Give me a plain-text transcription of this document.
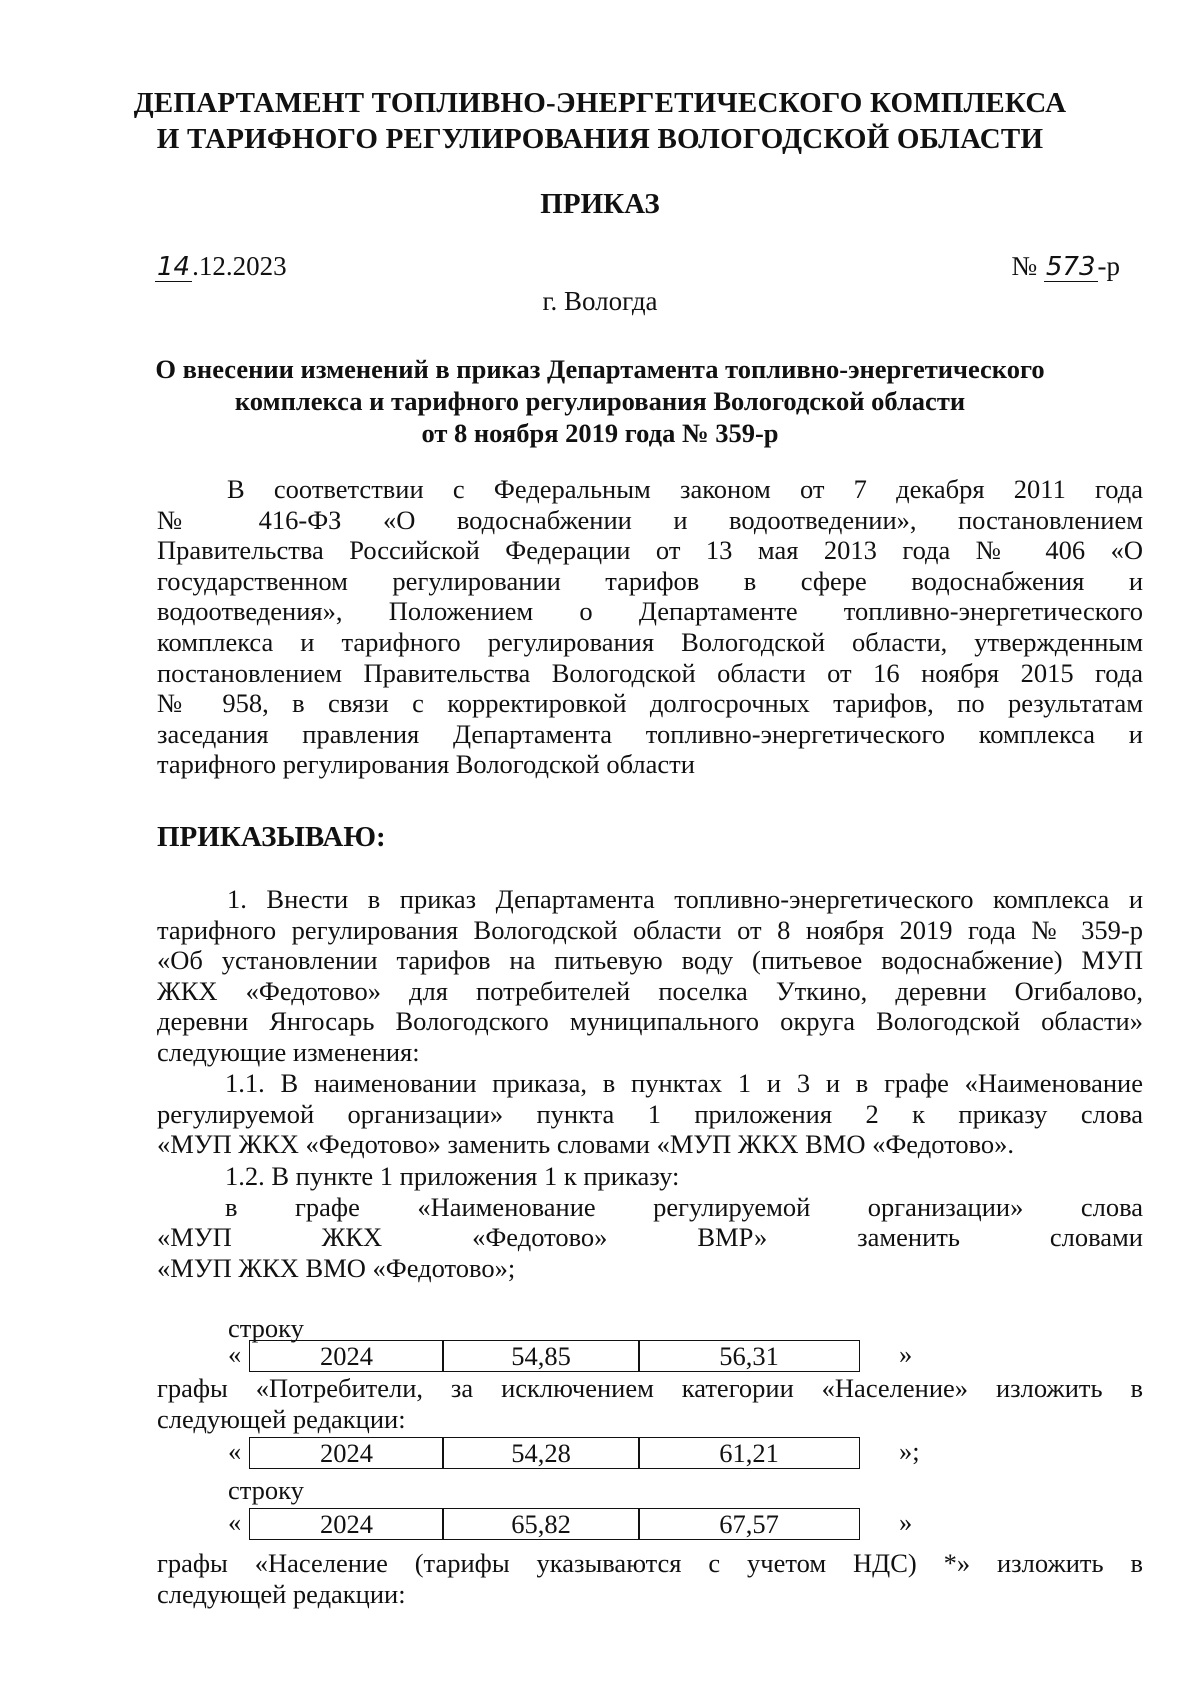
ДЕПАРТАМЕНТ ТОПЛИВНО-ЭНЕРГЕТИЧЕСКОГО КОМПЛЕКСА
И ТАРИФНОГО РЕГУЛИРОВАНИЯ ВОЛОГОДСКОЙ ОБЛАСТИ
ПРИКАЗ
14.12.2023	№ 573-р
г. Вологда
О внесении изменений в приказ Департамента топливно-энергетического
комплекса и тарифного регулирования Вологодской области
от 8 ноября 2019 года № 359-р
В соответствии с Федеральным законом от 7 декабря 2011 года
№ 416-ФЗ «О водоснабжении и водоотведении», постановлением
Правительства Российской Федерации от 13 мая 2013 года № 406 «О
государственном регулировании тарифов в сфере водоснабжения и
водоотведения», Положением о Департаменте топливно-энергетического
комплекса и тарифного регулирования Вологодской области, утвержденным
постановлением Правительства Вологодской области от 16 ноября 2015 года
№ 958, в связи с корректировкой долгосрочных тарифов, по результатам
заседания правления Департамента топливно-энергетического комплекса и
тарифного регулирования Вологодской области
ПРИКАЗЫВАЮ:
1. Внести в приказ Департамента топливно-энергетического комплекса и
тарифного регулирования Вологодской области от 8 ноября 2019 года № 359-р
«Об установлении тарифов на питьевую воду (питьевое водоснабжение) МУП
ЖКХ «Федотово» для потребителей поселка Уткино, деревни Огибалово,
деревни Янгосарь Вологодского муниципального округа Вологодской области»
следующие изменения:
1.1. В наименовании приказа, в пунктах 1 и 3 и в графе «Наименование
регулируемой организации» пункта 1 приложения 2 к приказу слова
«МУП ЖКХ «Федотово» заменить словами «МУП ЖКХ ВМО «Федотово».
1.2. В пункте 1 приложения 1 к приказу:
в графе «Наименование регулируемой организации» слова
«МУП ЖКХ «Федотово» ВМР» заменить словами
«МУП ЖКХ ВМО «Федотово»;
строку
«	2024	54,85	56,31	»
графы «Потребители, за исключением категории «Население» изложить в
следующей редакции:
«	2024	54,28	61,21	»;
строку
«	2024	65,82	67,57	»
графы «Население (тарифы указываются с учетом НДС) *» изложить в
следующей редакции:
